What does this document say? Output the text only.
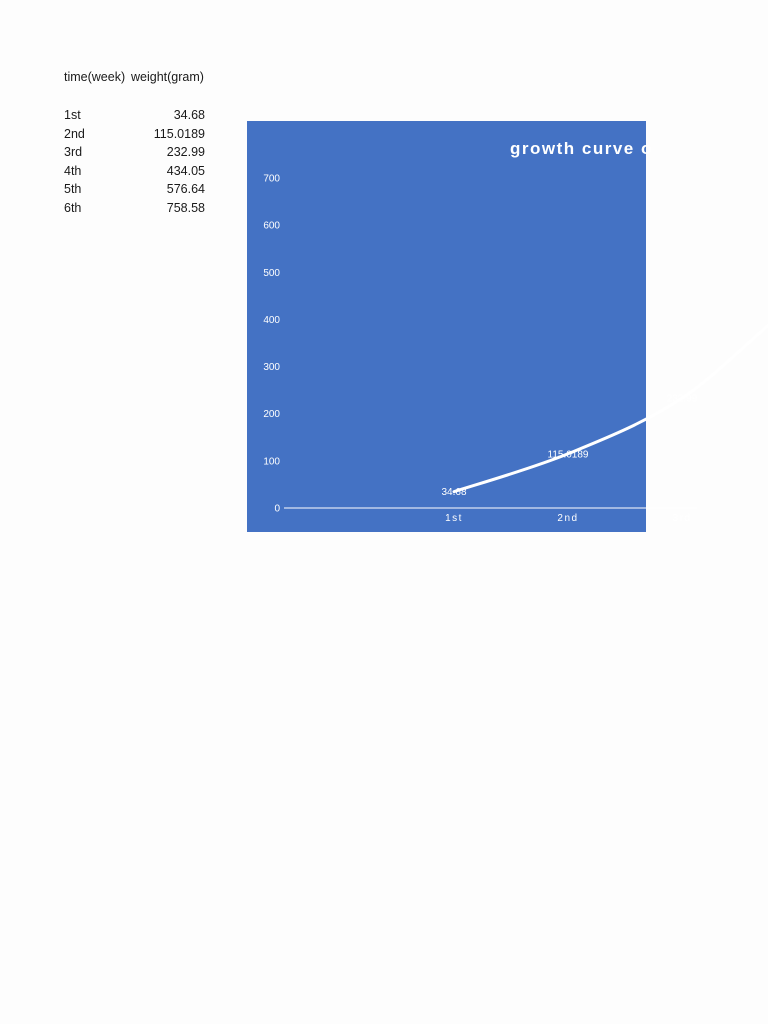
time(week) weight(gram)
1st	34.68
2nd	115.0189
3rd	232.99
4th	434.05
5th	576.64
6th	758.58
growth curve o
0
100
200
300
400
500
600
700
1st	2nd	3rd
34.68
115.0189
232.99
